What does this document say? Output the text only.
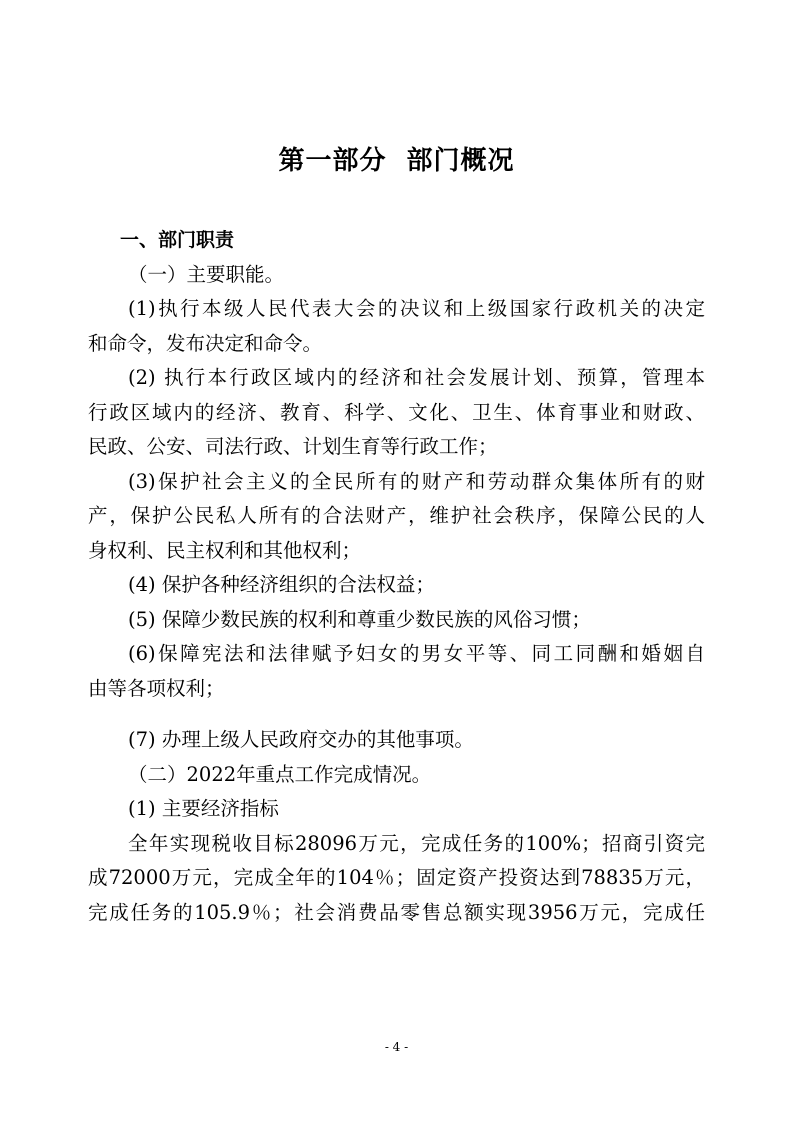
第一部分  部门概况
一、部门职责
（一）主要职能。
(1)执行本级人民代表大会的决议和上级国家行政机关的决定
和命令，发布决定和命令。
(2) 执行本行政区域内的经济和社会发展计划、预算，管理本
行政区域内的经济、教育、科学、文化、卫生、体育事业和财政、
民政、公安、司法行政、计划生育等行政工作；
(3)保护社会主义的全民所有的财产和劳动群众集体所有的财
产，保护公民私人所有的合法财产，维护社会秩序，保障公民的人
身权利、民主权利和其他权利；
(4) 保护各种经济组织的合法权益；
(5) 保障少数民族的权利和尊重少数民族的风俗习惯；
(6)保障宪法和法律赋予妇女的男女平等、同工同酬和婚姻自
由等各项权利；
(7) 办理上级人民政府交办的其他事项。
（二）2022年重点工作完成情况。
(1) 主要经济指标
全年实现税收目标28096万元，完成任务的100%；招商引资完
成72000万元，完成全年的104％；固定资产投资达到78835万元，
完成任务的105.9％；社会消费品零售总额实现3956万元，完成任
- 4 -
